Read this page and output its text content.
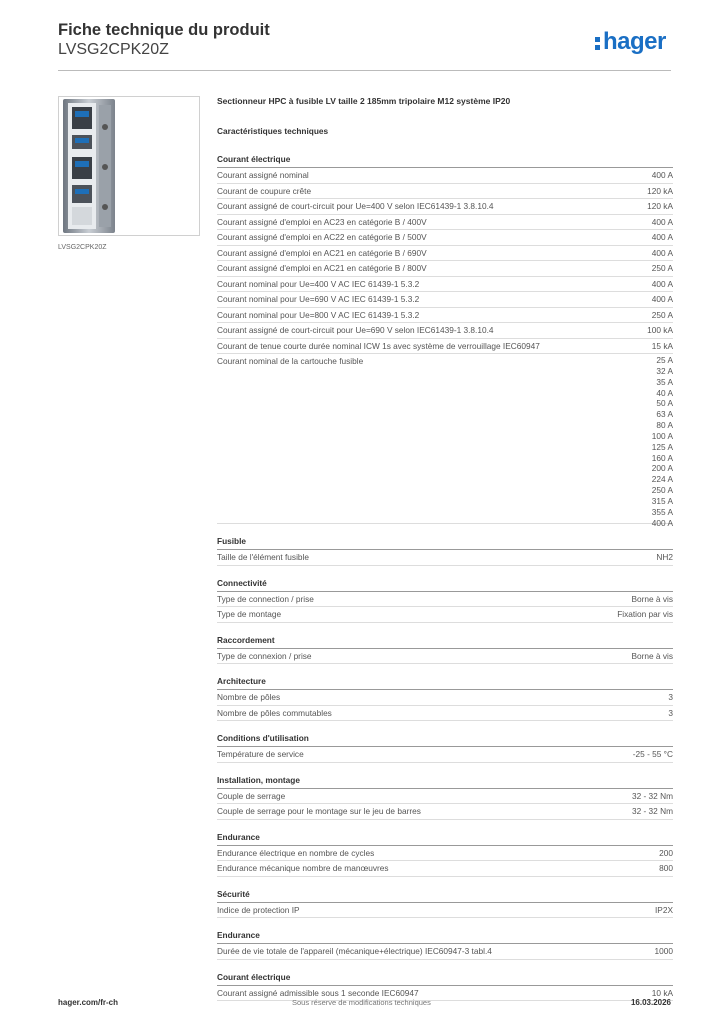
Fiche technique du produit
LVSG2CPK20Z	hager
LVSG2CPK20Z
Sectionneur HPC à fusible LV taille 2 185mm tripolaire M12 système IP20
Caractéristiques techniques
Courant électrique
Courant assigné nominal	400 A
Courant de coupure crête	120 kA
Courant assigné de court-circuit pour Ue=400 V selon IEC61439-1 3.8.10.4	120 kA
Courant assigné d'emploi en AC23 en catégorie B / 400V	400 A
Courant assigné d'emploi en AC22 en catégorie B / 500V	400 A
Courant assigné d'emploi en AC21 en catégorie B / 690V	400 A
Courant assigné d'emploi en AC21 en catégorie B / 800V	250 A
Courant nominal pour Ue=400 V AC IEC 61439-1 5.3.2	400 A
Courant nominal pour Ue=690 V AC IEC 61439-1 5.3.2	400 A
Courant nominal pour Ue=800 V AC IEC 61439-1 5.3.2	250 A
Courant assigné de court-circuit pour Ue=690 V selon IEC61439-1 3.8.10.4	100 kA
Courant de tenue courte durée nominal ICW 1s avec système de verrouillage IEC60947	15 kA
Courant nominal de la cartouche fusible	25 A
32 A
35 A
40 A
50 A
63 A
80 A
100 A
125 A
160 A
200 A
224 A
250 A
315 A
355 A
400 A
Fusible
Taille de l'élément fusible	NH2
Connectivité
Type de connection / prise	Borne à vis
Type de montage	Fixation par vis
Raccordement
Type de connexion / prise	Borne à vis
Architecture
Nombre de pôles	3
Nombre de pôles commutables	3
Conditions d'utilisation
Température de service	-25 - 55 °C
Installation, montage
Couple de serrage	32 - 32 Nm
Couple de serrage pour le montage sur le jeu de barres	32 - 32 Nm
Endurance
Endurance électrique en nombre de cycles	200
Endurance mécanique nombre de manœuvres	800
Sécurité
Indice de protection IP	IP2X
Endurance
Durée de vie totale de l'appareil (mécanique+électrique) IEC60947-3 tabl.4	1000
Courant électrique
Courant assigné admissible sous 1 seconde IEC60947	10 kA
hager.com/fr-ch	Sous réserve de modifications techniques	16.03.2026
